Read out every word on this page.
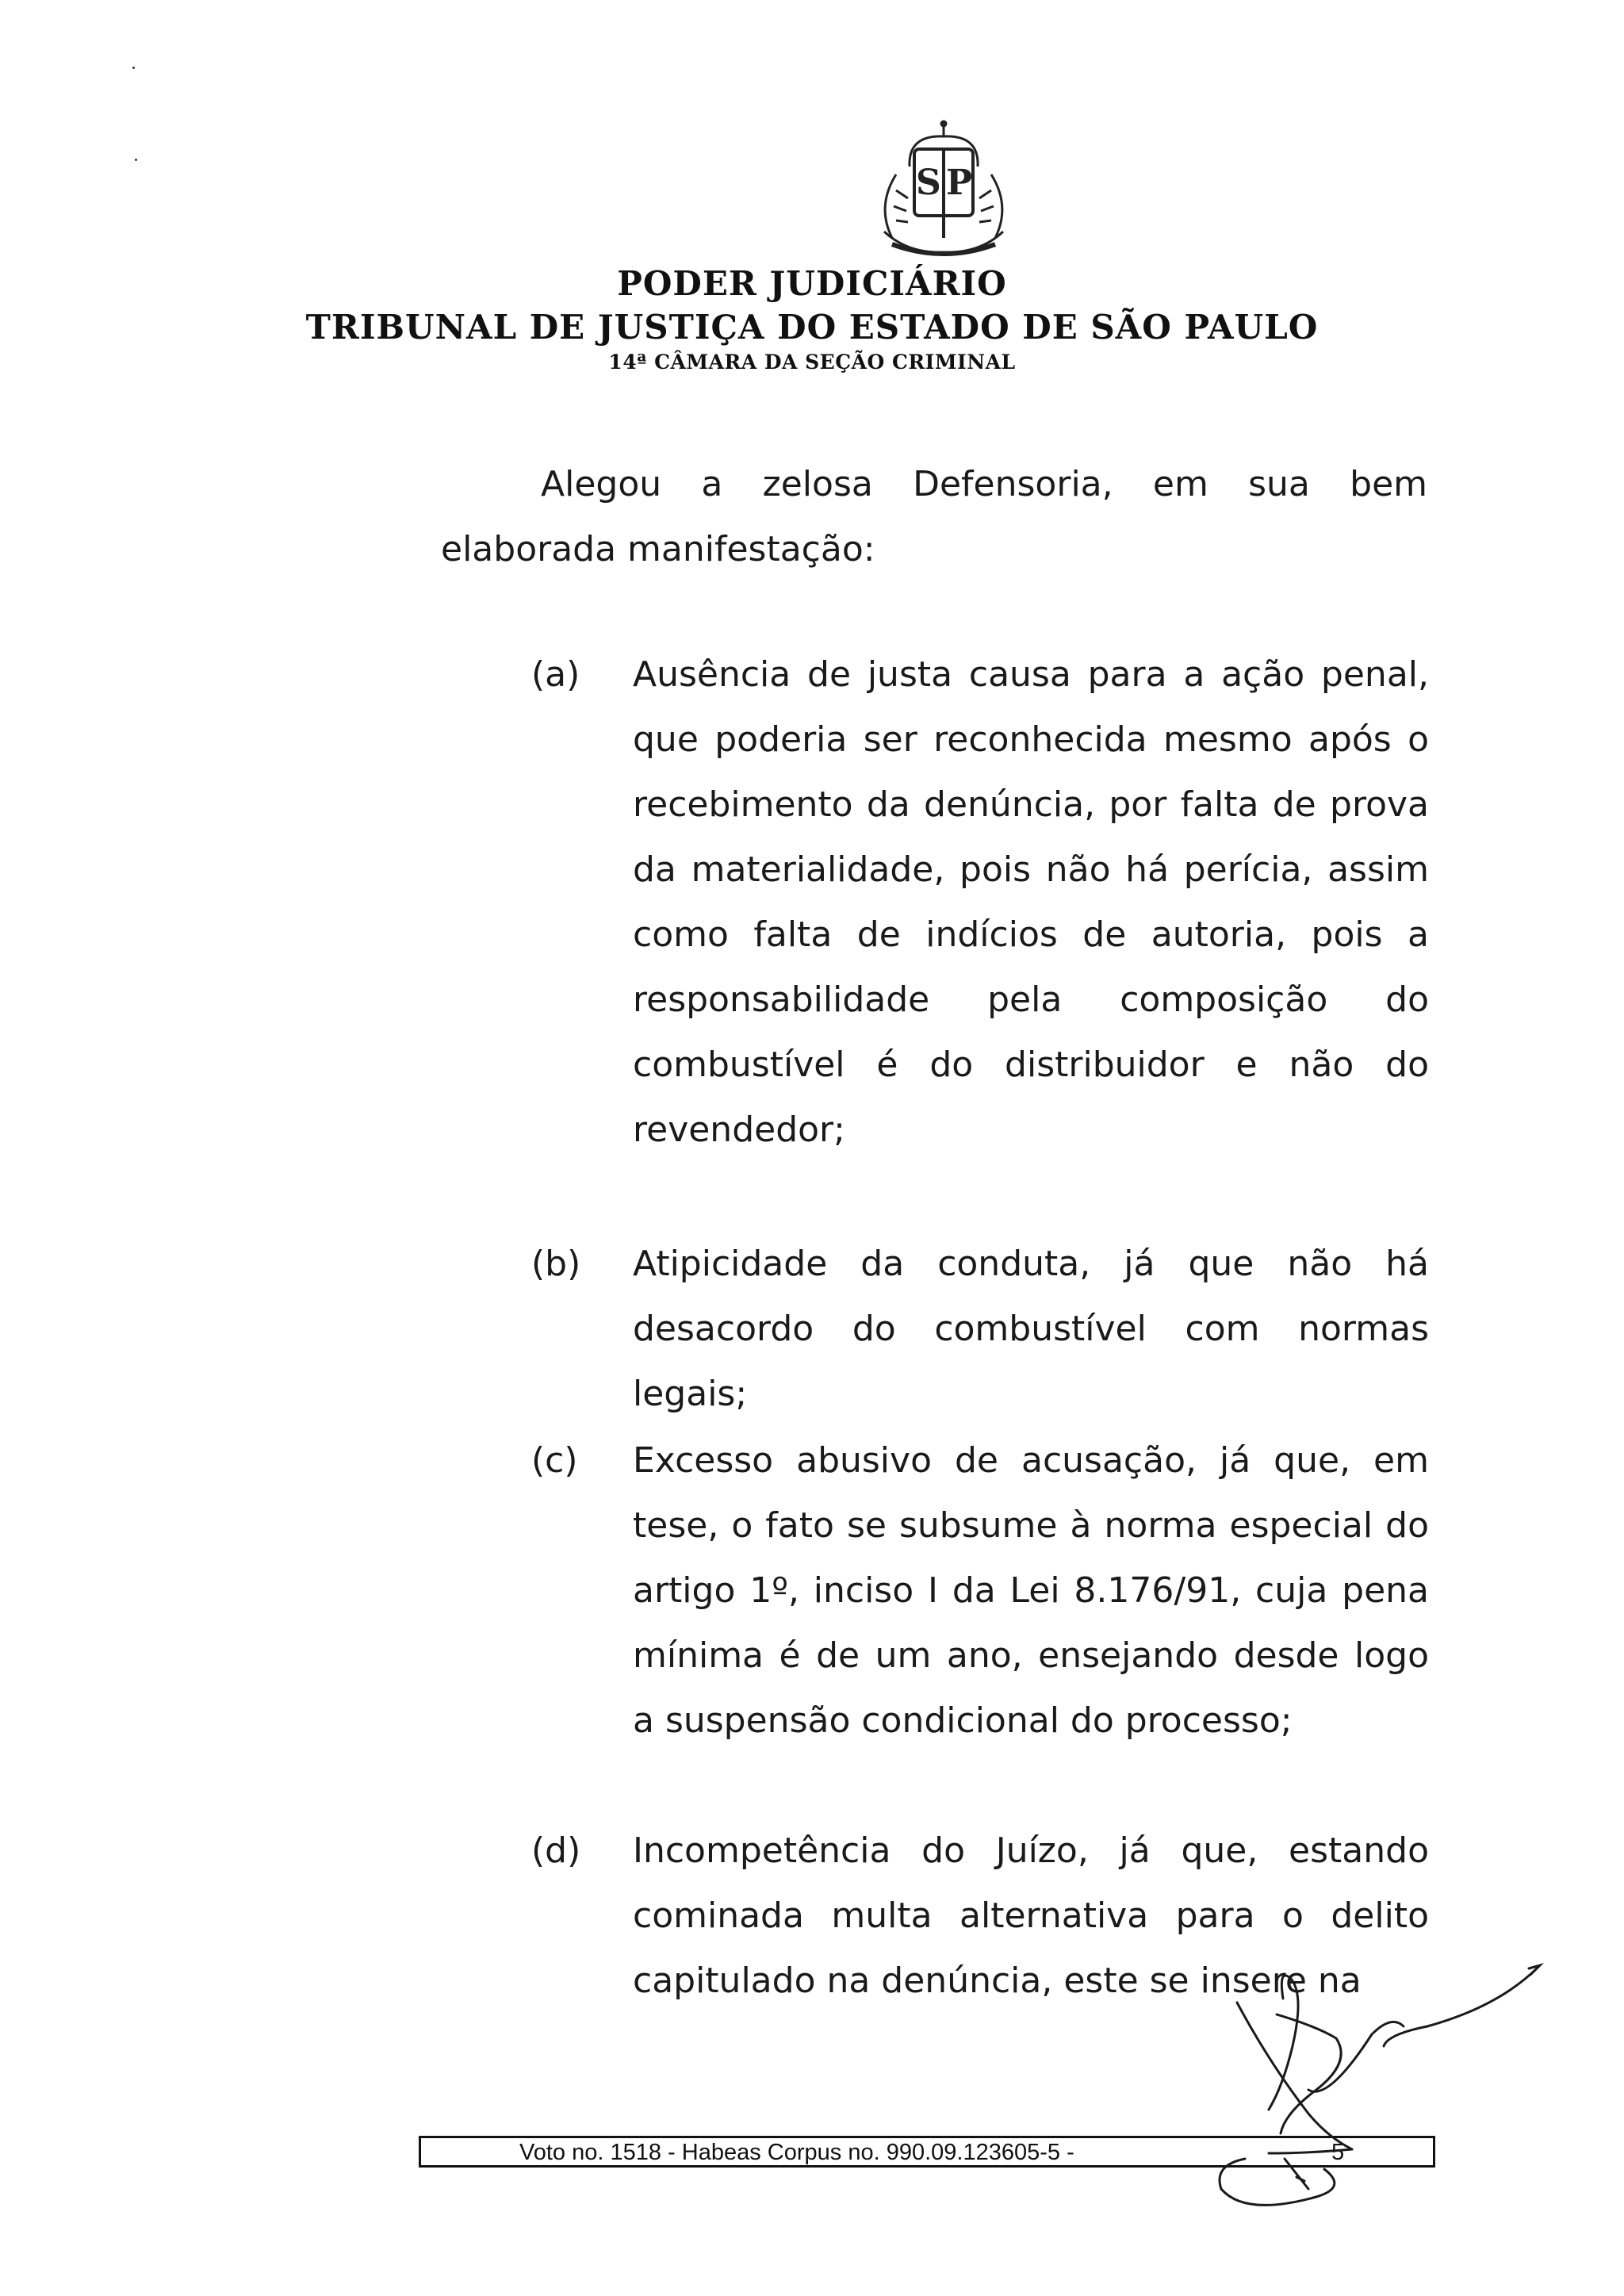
S P
PODER JUDICIÁRIO
TRIBUNAL DE JUSTIÇA DO ESTADO DE SÃO PAULO
14ª CÂMARA DA SEÇÃO CRIMINAL

Alegou a zelosa Defensoria, em sua bem elaborada manifestação:

(a)	Ausência de justa causa para a ação penal, que poderia ser reconhecida mesmo após o recebimento da denúncia, por falta de prova da materialidade, pois não há perícia, assim como falta de indícios de autoria, pois a responsabilidade pela composição do combustível é do distribuidor e não do revendedor;

(b)	Atipicidade da conduta, já que não há desacordo do combustível com normas legais;

(c)	Excesso abusivo de acusação, já que, em tese, o fato se subsume à norma especial do artigo 1º, inciso I da Lei 8.176/91, cuja pena mínima é de um ano, ensejando desde logo a suspensão condicional do processo;

(d)	Incompetência do Juízo, já que, estando cominada multa alternativa para o delito capitulado na denúncia, este se insere na

Voto no. 1518 - Habeas Corpus no. 990.09.123605-5 -	5
